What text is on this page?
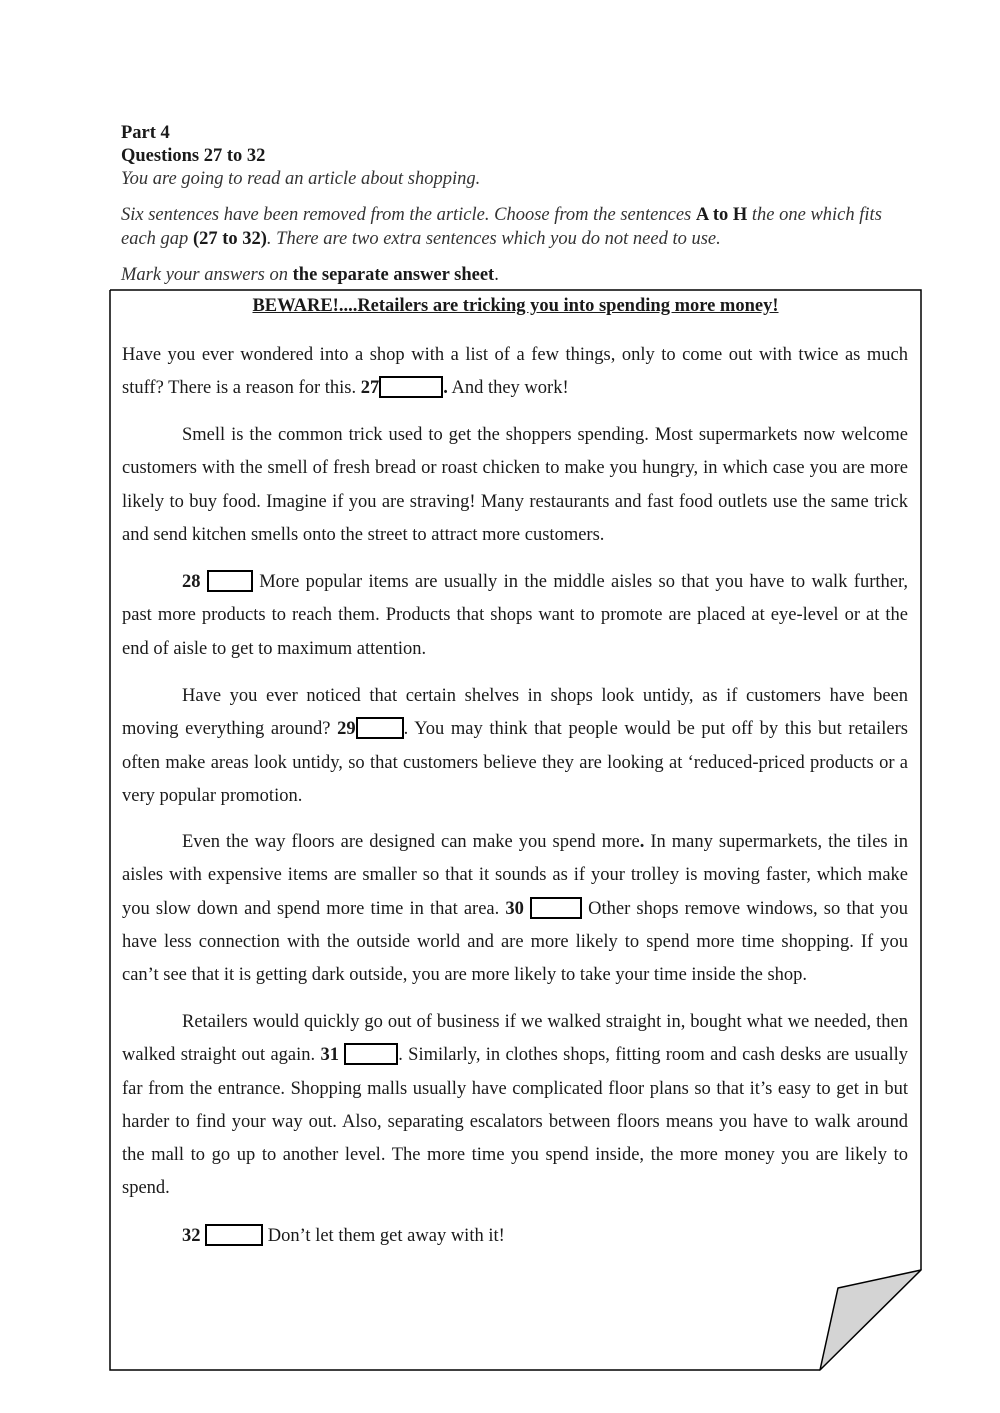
Part 4
Questions 27 to 32
You are going to read an article about shopping.
Six sentences have been removed from the article. Choose from the sentences A to H the one which fits each gap (27 to 32). There are two extra sentences which you do not need to use.
Mark your answers on the separate answer sheet.
BEWARE!....Retailers are tricking you into spending more money!
Have you ever wondered into a shop with a list of a few things, only to come out with twice as much stuff? There is a reason for this. 27	. And they work!
Smell is the common trick used to get the shoppers spending. Most supermarkets now welcome customers with the smell of fresh bread or roast chicken to make you hungry, in which case you are more likely to buy food. Imagine if you are straving! Many restaurants and fast food outlets use the same trick and send kitchen smells onto the street to attract more customers.
28	More popular items are usually in the middle aisles so that you have to walk further, past more products to reach them. Products that shops want to promote are placed at eye-level or at the end of aisle to get to maximum attention.
Have you ever noticed that certain shelves in shops look untidy, as if customers have been moving everything around? 29	. You may think that people would be put off by this but retailers often make areas look untidy, so that customers believe they are looking at ‘reduced-priced products or a very popular promotion.
Even the way floors are designed can make you spend more. In many supermarkets, the tiles in aisles with expensive items are smaller so that it sounds as if your trolley is moving faster, which make you slow down and spend more time in that area. 30	Other shops remove windows, so that you have less connection with the outside world and are more likely to spend more time shopping. If you can’t see that it is getting dark outside, you are more likely to take your time inside the shop.
Retailers would quickly go out of business if we walked straight in, bought what we needed, then walked straight out again. 31	. Similarly, in clothes shops, fitting room and cash desks are usually far from the entrance. Shopping malls usually have complicated floor plans so that it’s easy to get in but harder to find your way out. Also, separating escalators between floors means you have to walk around the mall to go up to another level. The more time you spend inside, the more money you are likely to spend.
32	Don’t let them get away with it!
